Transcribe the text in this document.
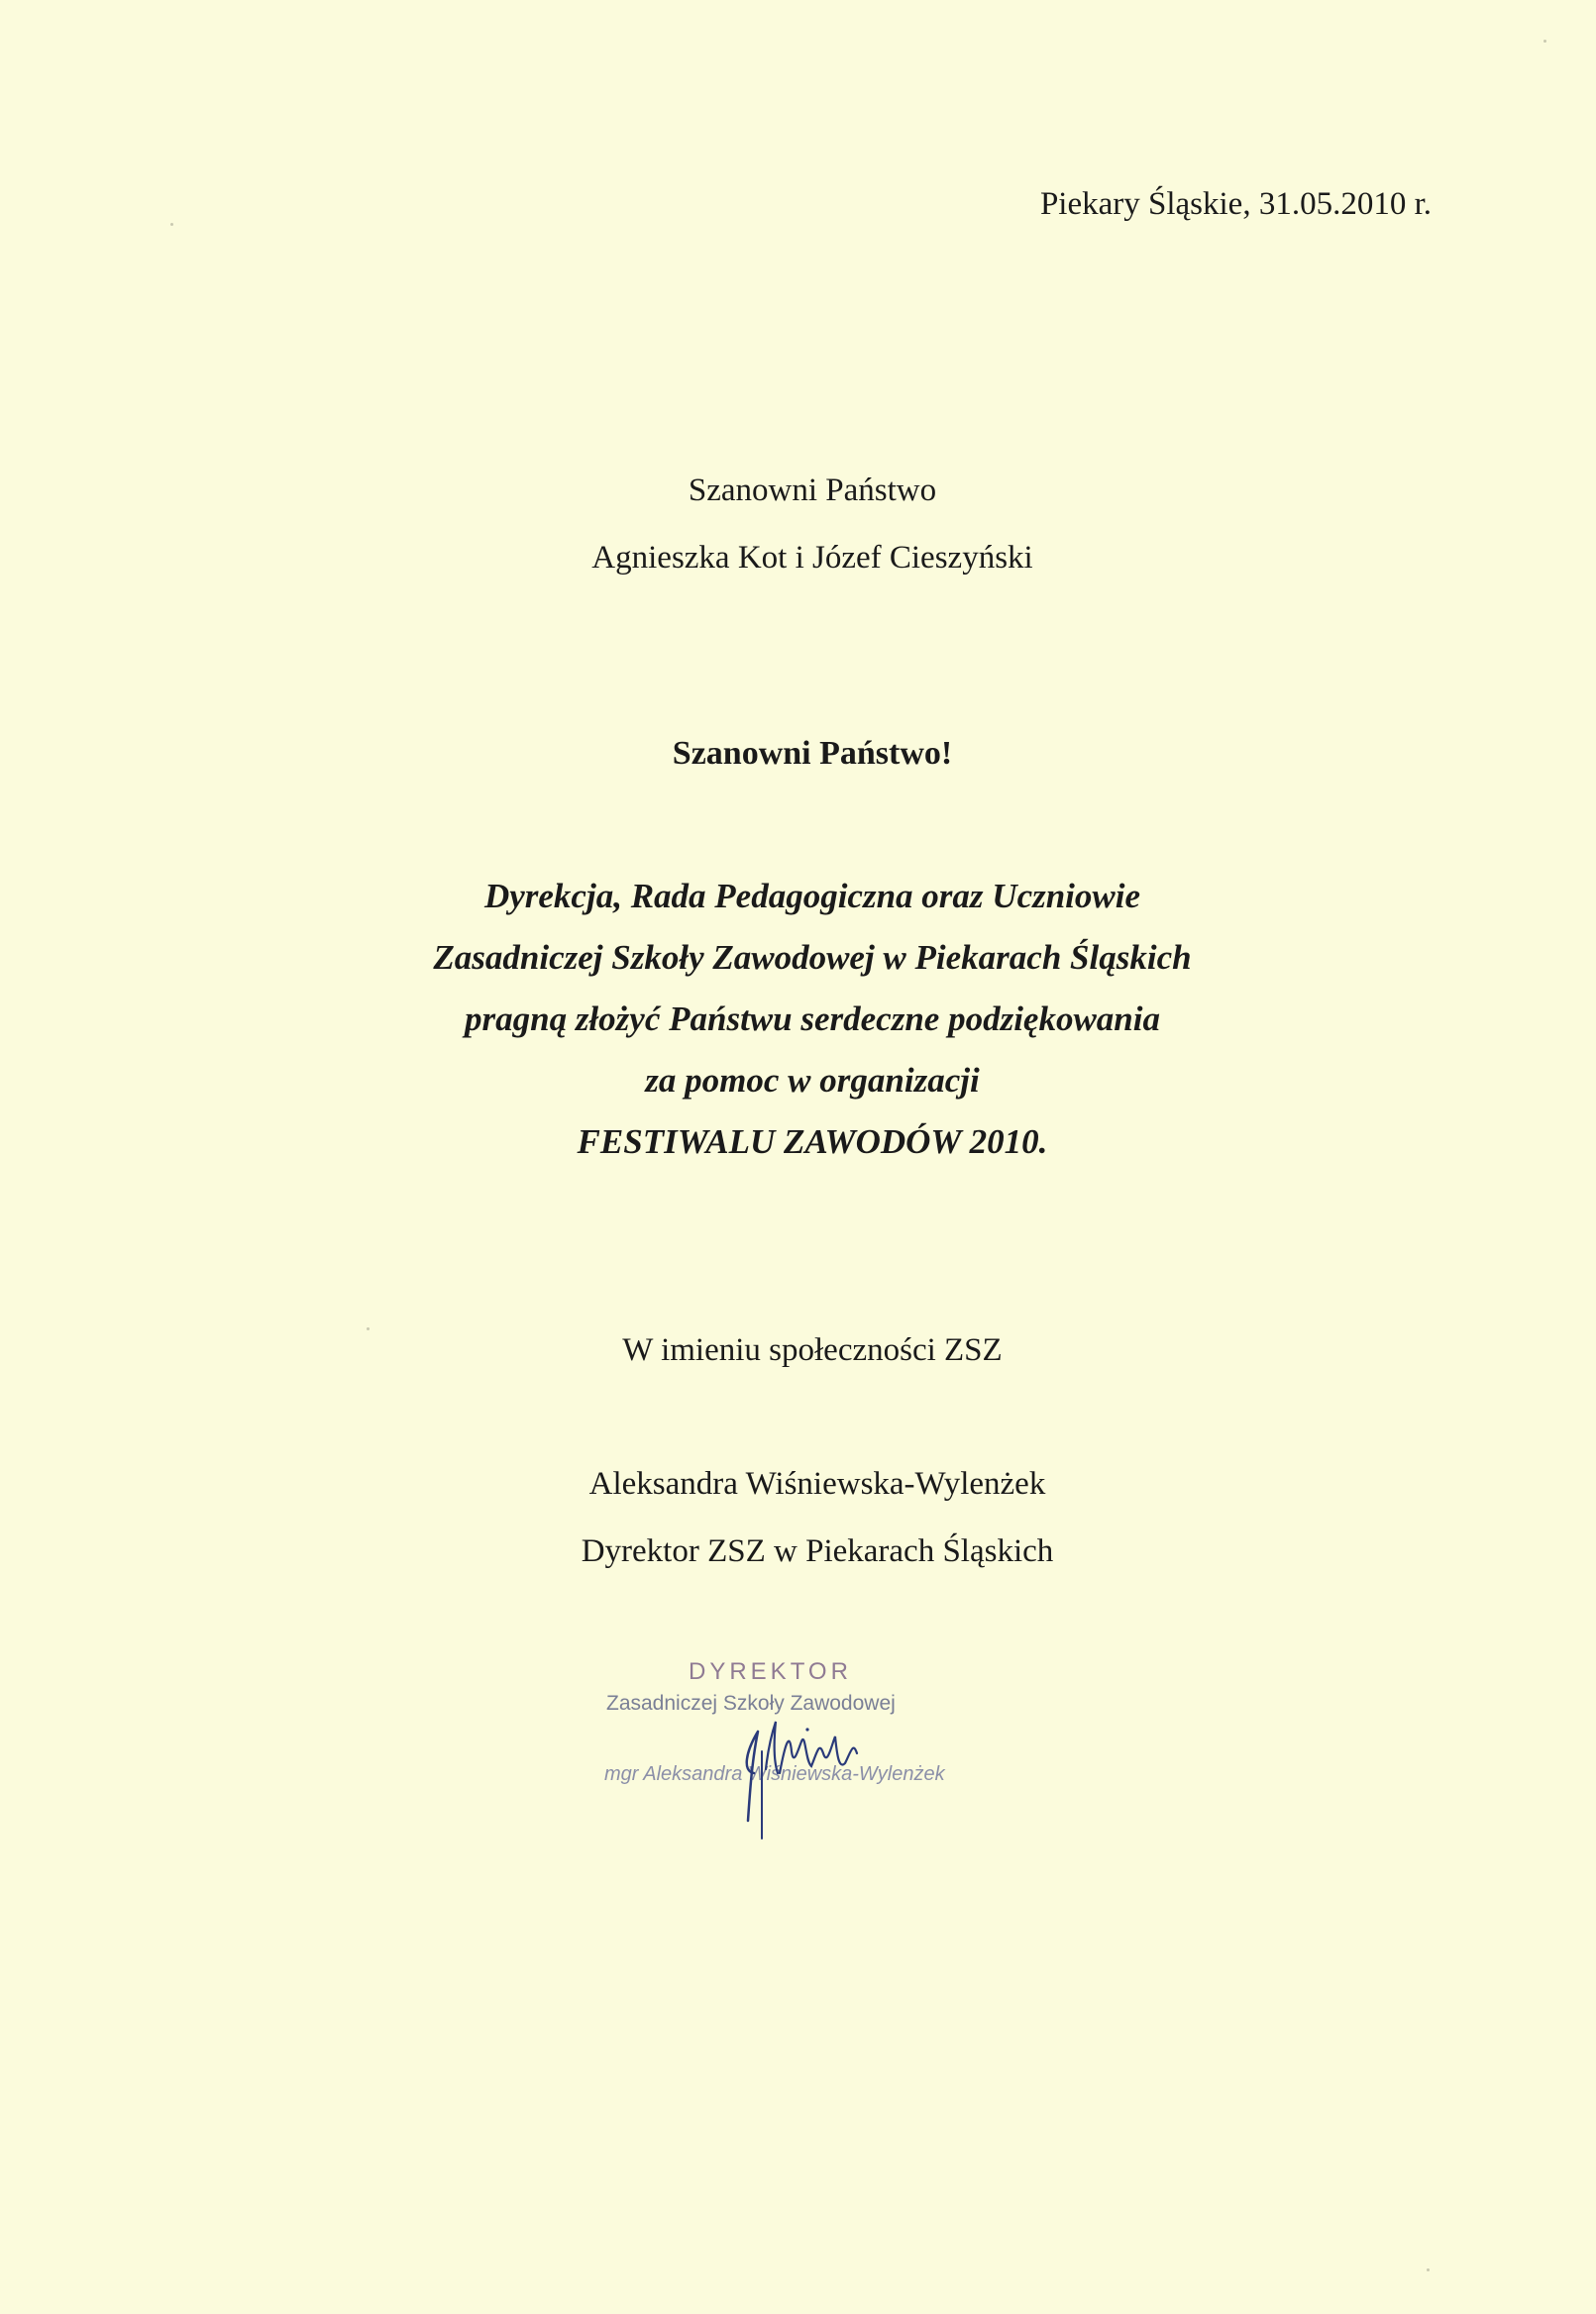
Piekary Śląskie, 31.05.2010 r.
Szanowni Państwo
Agnieszka Kot i Józef Cieszyński
Szanowni Państwo!
Dyrekcja, Rada Pedagogiczna oraz Uczniowie
Zasadniczej Szkoły Zawodowej w Piekarach Śląskich
pragną złożyć Państwu serdeczne podziękowania
za pomoc w organizacji
FESTIWALU ZAWODÓW 2010.
W imieniu społeczności ZSZ
Aleksandra Wiśniewska-Wylenżek
Dyrektor ZSZ w Piekarach Śląskich
DYREKTOR
Zasadniczej Szkoły Zawodowej
mgr Aleksandra Wiśniewska-Wylenżek
